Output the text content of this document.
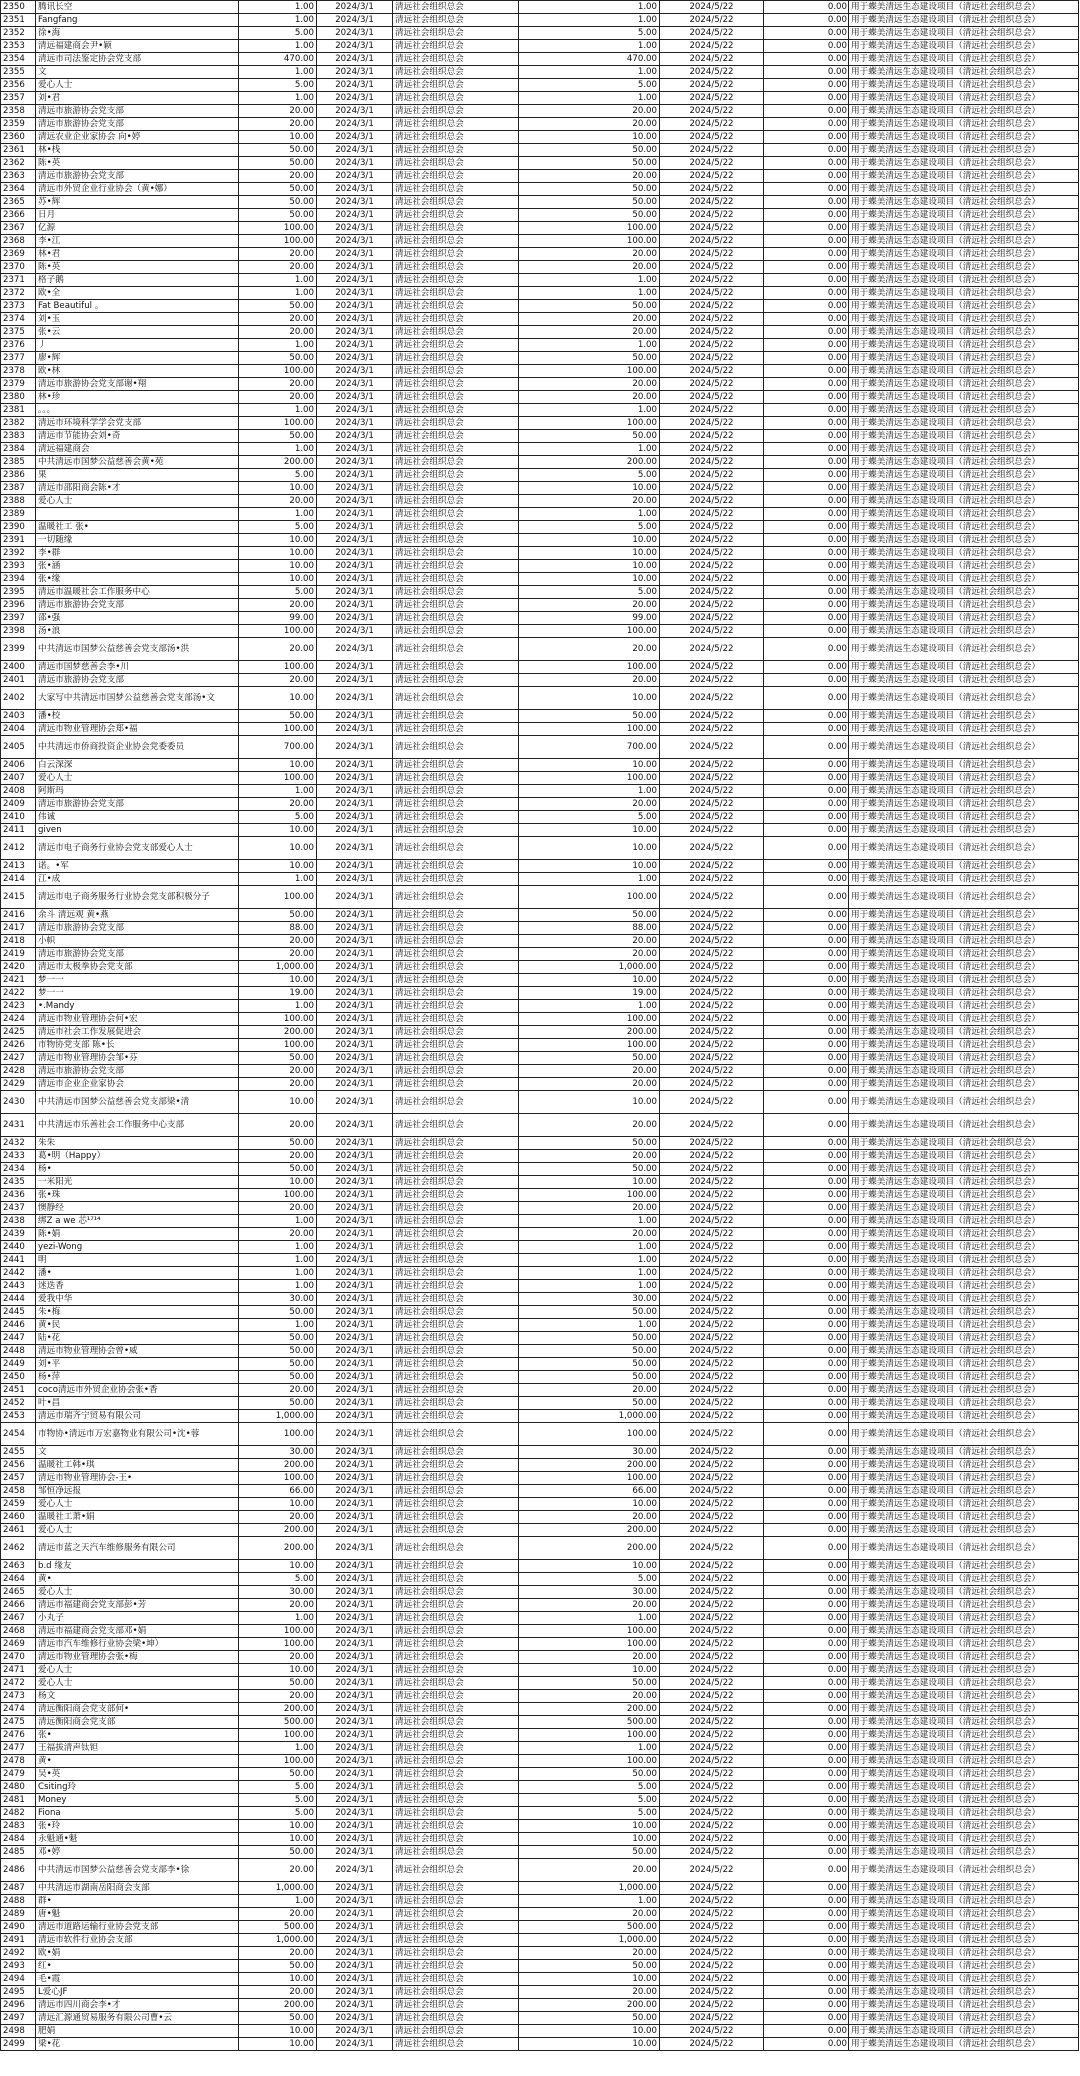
2350	腾讯长空	1.00	2024/3/1	清远社会组织总会	1.00	2024/5/22	0.00	用于蝶美清远生态建设项目（清远社会组织总会）
2351	Fangfang	1.00	2024/3/1	清远社会组织总会	1.00	2024/5/22	0.00	用于蝶美清远生态建设项目（清远社会组织总会）
2352	徐•海	5.00	2024/3/1	清远社会组织总会	5.00	2024/5/22	0.00	用于蝶美清远生态建设项目（清远社会组织总会）
2353	清远福建商会尹•颖	1.00	2024/3/1	清远社会组织总会	1.00	2024/5/22	0.00	用于蝶美清远生态建设项目（清远社会组织总会）
2354	清远市司法鉴定协会党支部	470.00	2024/3/1	清远社会组织总会	470.00	2024/5/22	0.00	用于蝶美清远生态建设项目（清远社会组织总会）
2355	文	1.00	2024/3/1	清远社会组织总会	1.00	2024/5/22	0.00	用于蝶美清远生态建设项目（清远社会组织总会）
2356	爱心人士	5.00	2024/3/1	清远社会组织总会	5.00	2024/5/22	0.00	用于蝶美清远生态建设项目（清远社会组织总会）
2357	刘•君	1.00	2024/3/1	清远社会组织总会	1.00	2024/5/22	0.00	用于蝶美清远生态建设项目（清远社会组织总会）
2358	清远市旅游协会党支部	20.00	2024/3/1	清远社会组织总会	20.00	2024/5/22	0.00	用于蝶美清远生态建设项目（清远社会组织总会）
2359	清远市旅游协会党支部	20.00	2024/3/1	清远社会组织总会	20.00	2024/5/22	0.00	用于蝶美清远生态建设项目（清远社会组织总会）
2360	清远农业企业家协会 向•婷	10.00	2024/3/1	清远社会组织总会	10.00	2024/5/22	0.00	用于蝶美清远生态建设项目（清远社会组织总会）
2361	林•栈	50.00	2024/3/1	清远社会组织总会	50.00	2024/5/22	0.00	用于蝶美清远生态建设项目（清远社会组织总会）
2362	陈•英	50.00	2024/3/1	清远社会组织总会	50.00	2024/5/22	0.00	用于蝶美清远生态建设项目（清远社会组织总会）
2363	清远市旅游协会党支部	20.00	2024/3/1	清远社会组织总会	20.00	2024/5/22	0.00	用于蝶美清远生态建设项目（清远社会组织总会）
2364	清远市外贸企业行业协会（黄•娜）	50.00	2024/3/1	清远社会组织总会	50.00	2024/5/22	0.00	用于蝶美清远生态建设项目（清远社会组织总会）
2365	苏•辉	50.00	2024/3/1	清远社会组织总会	50.00	2024/5/22	0.00	用于蝶美清远生态建设项目（清远社会组织总会）
2366	日月	50.00	2024/3/1	清远社会组织总会	50.00	2024/5/22	0.00	用于蝶美清远生态建设项目（清远社会组织总会）
2367	亿源	100.00	2024/3/1	清远社会组织总会	100.00	2024/5/22	0.00	用于蝶美清远生态建设项目（清远社会组织总会）
2368	李•江	100.00	2024/3/1	清远社会组织总会	100.00	2024/5/22	0.00	用于蝶美清远生态建设项目（清远社会组织总会）
2369	林•君	20.00	2024/3/1	清远社会组织总会	20.00	2024/5/22	0.00	用于蝶美清远生态建设项目（清远社会组织总会）
2370	陈•英	20.00	2024/3/1	清远社会组织总会	20.00	2024/5/22	0.00	用于蝶美清远生态建设项目（清远社会组织总会）
2371	格子鹅	1.00	2024/3/1	清远社会组织总会	1.00	2024/5/22	0.00	用于蝶美清远生态建设项目（清远社会组织总会）
2372	欧•全	1.00	2024/3/1	清远社会组织总会	1.00	2024/5/22	0.00	用于蝶美清远生态建设项目（清远社会组织总会）
2373	Fat Beautiful 。	50.00	2024/3/1	清远社会组织总会	50.00	2024/5/22	0.00	用于蝶美清远生态建设项目（清远社会组织总会）
2374	刘•玉	20.00	2024/3/1	清远社会组织总会	20.00	2024/5/22	0.00	用于蝶美清远生态建设项目（清远社会组织总会）
2375	张•云	20.00	2024/3/1	清远社会组织总会	20.00	2024/5/22	0.00	用于蝶美清远生态建设项目（清远社会组织总会）
2376	丿	1.00	2024/3/1	清远社会组织总会	1.00	2024/5/22	0.00	用于蝶美清远生态建设项目（清远社会组织总会）
2377	廖•辉	50.00	2024/3/1	清远社会组织总会	50.00	2024/5/22	0.00	用于蝶美清远生态建设项目（清远社会组织总会）
2378	欧•林	100.00	2024/3/1	清远社会组织总会	100.00	2024/5/22	0.00	用于蝶美清远生态建设项目（清远社会组织总会）
2379	清远市旅游协会党支部谢•翔	20.00	2024/3/1	清远社会组织总会	20.00	2024/5/22	0.00	用于蝶美清远生态建设项目（清远社会组织总会）
2380	林•珍	20.00	2024/3/1	清远社会组织总会	20.00	2024/5/22	0.00	用于蝶美清远生态建设项目（清远社会组织总会）
2381	。。。	1.00	2024/3/1	清远社会组织总会	1.00	2024/5/22	0.00	用于蝶美清远生态建设项目（清远社会组织总会）
2382	清远市环境科学学会党支部	100.00	2024/3/1	清远社会组织总会	100.00	2024/5/22	0.00	用于蝶美清远生态建设项目（清远社会组织总会）
2383	清远市节能协会刘•奇	50.00	2024/3/1	清远社会组织总会	50.00	2024/5/22	0.00	用于蝶美清远生态建设项目（清远社会组织总会）
2384	清远福建商会	1.00	2024/3/1	清远社会组织总会	1.00	2024/5/22	0.00	用于蝶美清远生态建设项目（清远社会组织总会）
2385	中共清远市国梦公益慈善会黄•苑	200.00	2024/3/1	清远社会组织总会	200.00	2024/5/22	0.00	用于蝶美清远生态建设项目（清远社会组织总会）
2386	果	5.00	2024/3/1	清远社会组织总会	5.00	2024/5/22	0.00	用于蝶美清远生态建设项目（清远社会组织总会）
2387	清远市邵阳商会陈•才	10.00	2024/3/1	清远社会组织总会	10.00	2024/5/22	0.00	用于蝶美清远生态建设项目（清远社会组织总会）
2388	爱心人士	20.00	2024/3/1	清远社会组织总会	20.00	2024/5/22	0.00	用于蝶美清远生态建设项目（清远社会组织总会）
2389		1.00	2024/3/1	清远社会组织总会	1.00	2024/5/22	0.00	用于蝶美清远生态建设项目（清远社会组织总会）
2390	温暖社工 张•	5.00	2024/3/1	清远社会组织总会	5.00	2024/5/22	0.00	用于蝶美清远生态建设项目（清远社会组织总会）
2391	一切随缘	10.00	2024/3/1	清远社会组织总会	10.00	2024/5/22	0.00	用于蝶美清远生态建设项目（清远社会组织总会）
2392	李•群	10.00	2024/3/1	清远社会组织总会	10.00	2024/5/22	0.00	用于蝶美清远生态建设项目（清远社会组织总会）
2393	张•涵	10.00	2024/3/1	清远社会组织总会	10.00	2024/5/22	0.00	用于蝶美清远生态建设项目（清远社会组织总会）
2394	张•缘	10.00	2024/3/1	清远社会组织总会	10.00	2024/5/22	0.00	用于蝶美清远生态建设项目（清远社会组织总会）
2395	清远市温暖社会工作服务中心	5.00	2024/3/1	清远社会组织总会	5.00	2024/5/22	0.00	用于蝶美清远生态建设项目（清远社会组织总会）
2396	清远市旅游协会党支部	20.00	2024/3/1	清远社会组织总会	20.00	2024/5/22	0.00	用于蝶美清远生态建设项目（清远社会组织总会）
2397	邵•强	99.00	2024/3/1	清远社会组织总会	99.00	2024/5/22	0.00	用于蝶美清远生态建设项目（清远社会组织总会）
2398	汤•浪	100.00	2024/3/1	清远社会组织总会	100.00	2024/5/22	0.00	用于蝶美清远生态建设项目（清远社会组织总会）
2399	中共清远市国梦公益慈善会党支部汤•洪	20.00	2024/3/1	清远社会组织总会	20.00	2024/5/22	0.00	用于蝶美清远生态建设项目（清远社会组织总会）
2400	清远市国梦慈善会李•川	100.00	2024/3/1	清远社会组织总会	100.00	2024/5/22	0.00	用于蝶美清远生态建设项目（清远社会组织总会）
2401	清远市旅游协会党支部	20.00	2024/3/1	清远社会组织总会	20.00	2024/5/22	0.00	用于蝶美清远生态建设项目（清远社会组织总会）
2402	大家写中共清远市国梦公益慈善会党支部汤•文	10.00	2024/3/1	清远社会组织总会	10.00	2024/5/22	0.00	用于蝶美清远生态建设项目（清远社会组织总会）
2403	潘•校	50.00	2024/3/1	清远社会组织总会	50.00	2024/5/22	0.00	用于蝶美清远生态建设项目（清远社会组织总会）
2404	清远市物业管理协会郑•福	100.00	2024/3/1	清远社会组织总会	100.00	2024/5/22	0.00	用于蝶美清远生态建设项目（清远社会组织总会）
2405	中共清远市侨商投资企业协会党委委员	700.00	2024/3/1	清远社会组织总会	700.00	2024/5/22	0.00	用于蝶美清远生态建设项目（清远社会组织总会）
2406	白云深深	10.00	2024/3/1	清远社会组织总会	10.00	2024/5/22	0.00	用于蝶美清远生态建设项目（清远社会组织总会）
2407	爱心人士	100.00	2024/3/1	清远社会组织总会	100.00	2024/5/22	0.00	用于蝶美清远生态建设项目（清远社会组织总会）
2408	阿斯玛	1.00	2024/3/1	清远社会组织总会	1.00	2024/5/22	0.00	用于蝶美清远生态建设项目（清远社会组织总会）
2409	清远市旅游协会党支部	20.00	2024/3/1	清远社会组织总会	20.00	2024/5/22	0.00	用于蝶美清远生态建设项目（清远社会组织总会）
2410	伟诚	5.00	2024/3/1	清远社会组织总会	5.00	2024/5/22	0.00	用于蝶美清远生态建设项目（清远社会组织总会）
2411	given	10.00	2024/3/1	清远社会组织总会	10.00	2024/5/22	0.00	用于蝶美清远生态建设项目（清远社会组织总会）
2412	清远市电子商务行业协会党支部爱心人士	10.00	2024/3/1	清远社会组织总会	10.00	2024/5/22	0.00	用于蝶美清远生态建设项目（清远社会组织总会）
2413	诺。•军	10.00	2024/3/1	清远社会组织总会	10.00	2024/5/22	0.00	用于蝶美清远生态建设项目（清远社会组织总会）
2414	江•成	1.00	2024/3/1	清远社会组织总会	1.00	2024/5/22	0.00	用于蝶美清远生态建设项目（清远社会组织总会）
2415	清远市电子商务服务行业协会党支部积极分子	100.00	2024/3/1	清远社会组织总会	100.00	2024/5/22	0.00	用于蝶美清远生态建设项目（清远社会组织总会）
2416	余斗 清远观 黄•燕	50.00	2024/3/1	清远社会组织总会	50.00	2024/5/22	0.00	用于蝶美清远生态建设项目（清远社会组织总会）
2417	清远市旅游协会党支部	88.00	2024/3/1	清远社会组织总会	88.00	2024/5/22	0.00	用于蝶美清远生态建设项目（清远社会组织总会）
2418	小帜	20.00	2024/3/1	清远社会组织总会	20.00	2024/5/22	0.00	用于蝶美清远生态建设项目（清远社会组织总会）
2419	清远市旅游协会党支部	20.00	2024/3/1	清远社会组织总会	20.00	2024/5/22	0.00	用于蝶美清远生态建设项目（清远社会组织总会）
2420	清远市太极拳协会党支部	1,000.00	2024/3/1	清远社会组织总会	1,000.00	2024/5/22	0.00	用于蝶美清远生态建设项目（清远社会组织总会）
2421	梦一一	10.00	2024/3/1	清远社会组织总会	10.00	2024/5/22	0.00	用于蝶美清远生态建设项目（清远社会组织总会）
2422	梦一一	19.00	2024/3/1	清远社会组织总会	19.00	2024/5/22	0.00	用于蝶美清远生态建设项目（清远社会组织总会）
2423	•.Mandy	1.00	2024/3/1	清远社会组织总会	1.00	2024/5/22	0.00	用于蝶美清远生态建设项目（清远社会组织总会）
2424	清远市物业管理协会何•宏	100.00	2024/3/1	清远社会组织总会	100.00	2024/5/22	0.00	用于蝶美清远生态建设项目（清远社会组织总会）
2425	清远市社会工作发展促进会	200.00	2024/3/1	清远社会组织总会	200.00	2024/5/22	0.00	用于蝶美清远生态建设项目（清远社会组织总会）
2426	市物协党支部 陈•长	100.00	2024/3/1	清远社会组织总会	100.00	2024/5/22	0.00	用于蝶美清远生态建设项目（清远社会组织总会）
2427	清远市物业管理协会邹•芬	50.00	2024/3/1	清远社会组织总会	50.00	2024/5/22	0.00	用于蝶美清远生态建设项目（清远社会组织总会）
2428	清远市旅游协会党支部	20.00	2024/3/1	清远社会组织总会	20.00	2024/5/22	0.00	用于蝶美清远生态建设项目（清远社会组织总会）
2429	清远市企业企业家协会	20.00	2024/3/1	清远社会组织总会	20.00	2024/5/22	0.00	用于蝶美清远生态建设项目（清远社会组织总会）
2430	中共清远市国梦公益慈善会党支部梁•清	10.00	2024/3/1	清远社会组织总会	10.00	2024/5/22	0.00	用于蝶美清远生态建设项目（清远社会组织总会）
2431	中共清远市乐善社会工作服务中心支部	20.00	2024/3/1	清远社会组织总会	20.00	2024/5/22	0.00	用于蝶美清远生态建设项目（清远社会组织总会）
2432	朱朱	50.00	2024/3/1	清远社会组织总会	50.00	2024/5/22	0.00	用于蝶美清远生态建设项目（清远社会组织总会）
2433	葛•明（Happy）	20.00	2024/3/1	清远社会组织总会	20.00	2024/5/22	0.00	用于蝶美清远生态建设项目（清远社会组织总会）
2434	杨•	50.00	2024/3/1	清远社会组织总会	50.00	2024/5/22	0.00	用于蝶美清远生态建设项目（清远社会组织总会）
2435	一米阳光	10.00	2024/3/1	清远社会组织总会	10.00	2024/5/22	0.00	用于蝶美清远生态建设项目（清远社会组织总会）
2436	张•珠	100.00	2024/3/1	清远社会组织总会	100.00	2024/5/22	0.00	用于蝶美清远生态建设项目（清远社会组织总会）
2437	懊静经	20.00	2024/3/1	清远社会组织总会	20.00	2024/5/22	0.00	用于蝶美清远生态建设项目（清远社会组织总会）
2438	绑Z a we 芯¹⁷¹⁴	1.00	2024/3/1	清远社会组织总会	1.00	2024/5/22	0.00	用于蝶美清远生态建设项目（清远社会组织总会）
2439	陈•娟	20.00	2024/3/1	清远社会组织总会	20.00	2024/5/22	0.00	用于蝶美清远生态建设项目（清远社会组织总会）
2440	yezi-Wong	1.00	2024/3/1	清远社会组织总会	1.00	2024/5/22	0.00	用于蝶美清远生态建设项目（清远社会组织总会）
2441	明	1.00	2024/3/1	清远社会组织总会	1.00	2024/5/22	0.00	用于蝶美清远生态建设项目（清远社会组织总会）
2442	潘•	1.00	2024/3/1	清远社会组织总会	1.00	2024/5/22	0.00	用于蝶美清远生态建设项目（清远社会组织总会）
2443	迷迭香	1.00	2024/3/1	清远社会组织总会	1.00	2024/5/22	0.00	用于蝶美清远生态建设项目（清远社会组织总会）
2444	爱我中华	30.00	2024/3/1	清远社会组织总会	30.00	2024/5/22	0.00	用于蝶美清远生态建设项目（清远社会组织总会）
2445	朱•梅	50.00	2024/3/1	清远社会组织总会	50.00	2024/5/22	0.00	用于蝶美清远生态建设项目（清远社会组织总会）
2446	黄•民	1.00	2024/3/1	清远社会组织总会	1.00	2024/5/22	0.00	用于蝶美清远生态建设项目（清远社会组织总会）
2447	陆•花	50.00	2024/3/1	清远社会组织总会	50.00	2024/5/22	0.00	用于蝶美清远生态建设项目（清远社会组织总会）
2448	清远市物业管理协会曾•威	50.00	2024/3/1	清远社会组织总会	50.00	2024/5/22	0.00	用于蝶美清远生态建设项目（清远社会组织总会）
2449	刘•平	50.00	2024/3/1	清远社会组织总会	50.00	2024/5/22	0.00	用于蝶美清远生态建设项目（清远社会组织总会）
2450	杨•萍	50.00	2024/3/1	清远社会组织总会	50.00	2024/5/22	0.00	用于蝶美清远生态建设项目（清远社会组织总会）
2451	coco清远市外贸企业协会张•香	20.00	2024/3/1	清远社会组织总会	20.00	2024/5/22	0.00	用于蝶美清远生态建设项目（清远社会组织总会）
2452	叶•昌	50.00	2024/3/1	清远社会组织总会	50.00	2024/5/22	0.00	用于蝶美清远生态建设项目（清远社会组织总会）
2453	清远市瑞齐宁贸易有限公司	1,000.00	2024/3/1	清远社会组织总会	1,000.00	2024/5/22	0.00	用于蝶美清远生态建设项目（清远社会组织总会）
2454	市物协•清远市万宏嘉物业有限公司•沈•蓉	100.00	2024/3/1	清远社会组织总会	100.00	2024/5/22	0.00	用于蝶美清远生态建设项目（清远社会组织总会）
2455	文	30.00	2024/3/1	清远社会组织总会	30.00	2024/5/22	0.00	用于蝶美清远生态建设项目（清远社会组织总会）
2456	温暖社工韩•琪	200.00	2024/3/1	清远社会组织总会	200.00	2024/5/22	0.00	用于蝶美清远生态建设项目（清远社会组织总会）
2457	清远市物业管理协会-王•	100.00	2024/3/1	清远社会组织总会	100.00	2024/5/22	0.00	用于蝶美清远生态建设项目（清远社会组织总会）
2458	邹恒净远报	66.00	2024/3/1	清远社会组织总会	66.00	2024/5/22	0.00	用于蝶美清远生态建设项目（清远社会组织总会）
2459	爱心人士	10.00	2024/3/1	清远社会组织总会	10.00	2024/5/22	0.00	用于蝶美清远生态建设项目（清远社会组织总会）
2460	温暖社工萧•娟	20.00	2024/3/1	清远社会组织总会	20.00	2024/5/22	0.00	用于蝶美清远生态建设项目（清远社会组织总会）
2461	爱心人士	200.00	2024/3/1	清远社会组织总会	200.00	2024/5/22	0.00	用于蝶美清远生态建设项目（清远社会组织总会）
2462	清远市蓝之天汽车维修服务有限公司	200.00	2024/3/1	清远社会组织总会	200.00	2024/5/22	0.00	用于蝶美清远生态建设项目（清远社会组织总会）
2463	b.d 缘友	10.00	2024/3/1	清远社会组织总会	10.00	2024/5/22	0.00	用于蝶美清远生态建设项目（清远社会组织总会）
2464	黄•	5.00	2024/3/1	清远社会组织总会	5.00	2024/5/22	0.00	用于蝶美清远生态建设项目（清远社会组织总会）
2465	爱心人士	30.00	2024/3/1	清远社会组织总会	30.00	2024/5/22	0.00	用于蝶美清远生态建设项目（清远社会组织总会）
2466	清远市福建商会党支部彭•芳	20.00	2024/3/1	清远社会组织总会	20.00	2024/5/22	0.00	用于蝶美清远生态建设项目（清远社会组织总会）
2467	小丸子	1.00	2024/3/1	清远社会组织总会	1.00	2024/5/22	0.00	用于蝶美清远生态建设项目（清远社会组织总会）
2468	清远市福建商会党支部邓•娟	100.00	2024/3/1	清远社会组织总会	100.00	2024/5/22	0.00	用于蝶美清远生态建设项目（清远社会组织总会）
2469	清远市汽车维修行业协会梁•坤）	100.00	2024/3/1	清远社会组织总会	100.00	2024/5/22	0.00	用于蝶美清远生态建设项目（清远社会组织总会）
2470	清远市物业管理协会张•梅	20.00	2024/3/1	清远社会组织总会	20.00	2024/5/22	0.00	用于蝶美清远生态建设项目（清远社会组织总会）
2471	爱心人士	10.00	2024/3/1	清远社会组织总会	10.00	2024/5/22	0.00	用于蝶美清远生态建设项目（清远社会组织总会）
2472	爱心人士	50.00	2024/3/1	清远社会组织总会	50.00	2024/5/22	0.00	用于蝶美清远生态建设项目（清远社会组织总会）
2473	杨文	20.00	2024/3/1	清远社会组织总会	20.00	2024/5/22	0.00	用于蝶美清远生态建设项目（清远社会组织总会）
2474	清远衡阳商会党支部何•	200.00	2024/3/1	清远社会组织总会	200.00	2024/5/22	0.00	用于蝶美清远生态建设项目（清远社会组织总会）
2475	清远衡阳商会党支部	500.00	2024/3/1	清远社会组织总会	500.00	2024/5/22	0.00	用于蝶美清远生态建设项目（清远社会组织总会）
2476	张•	100.00	2024/3/1	清远社会组织总会	100.00	2024/5/22	0.00	用于蝶美清远生态建设项目（清远社会组织总会）
2477	王福拔清声钛钽	1.00	2024/3/1	清远社会组织总会	1.00	2024/5/22	0.00	用于蝶美清远生态建设项目（清远社会组织总会）
2478	黄•	100.00	2024/3/1	清远社会组织总会	100.00	2024/5/22	0.00	用于蝶美清远生态建设项目（清远社会组织总会）
2479	吴•英	50.00	2024/3/1	清远社会组织总会	50.00	2024/5/22	0.00	用于蝶美清远生态建设项目（清远社会组织总会）
2480	Csiting玲	5.00	2024/3/1	清远社会组织总会	5.00	2024/5/22	0.00	用于蝶美清远生态建设项目（清远社会组织总会）
2481	Money	5.00	2024/3/1	清远社会组织总会	5.00	2024/5/22	0.00	用于蝶美清远生态建设项目（清远社会组织总会）
2482	Fiona	5.00	2024/3/1	清远社会组织总会	5.00	2024/5/22	0.00	用于蝶美清远生态建设项目（清远社会组织总会）
2483	张•玲	10.00	2024/3/1	清远社会组织总会	10.00	2024/5/22	0.00	用于蝶美清远生态建设项目（清远社会组织总会）
2484	永魁通•魁	10.00	2024/3/1	清远社会组织总会	10.00	2024/5/22	0.00	用于蝶美清远生态建设项目（清远社会组织总会）
2485	邓•婷	50.00	2024/3/1	清远社会组织总会	50.00	2024/5/22	0.00	用于蝶美清远生态建设项目（清远社会组织总会）
2486	中共清远市国梦公益慈善会党支部李•徐	20.00	2024/3/1	清远社会组织总会	20.00	2024/5/22	0.00	用于蝶美清远生态建设项目（清远社会组织总会）
2487	中共清远市湖南岳阳商会支部	1,000.00	2024/3/1	清远社会组织总会	1,000.00	2024/5/22	0.00	用于蝶美清远生态建设项目（清远社会组织总会）
2488	群•	1.00	2024/3/1	清远社会组织总会	1.00	2024/5/22	0.00	用于蝶美清远生态建设项目（清远社会组织总会）
2489	唐•魁	20.00	2024/3/1	清远社会组织总会	20.00	2024/5/22	0.00	用于蝶美清远生态建设项目（清远社会组织总会）
2490	清远市道路运输行业协会党支部	500.00	2024/3/1	清远社会组织总会	500.00	2024/5/22	0.00	用于蝶美清远生态建设项目（清远社会组织总会）
2491	清远市软件行业协会支部	1,000.00	2024/3/1	清远社会组织总会	1,000.00	2024/5/22	0.00	用于蝶美清远生态建设项目（清远社会组织总会）
2492	欧•娟	20.00	2024/3/1	清远社会组织总会	20.00	2024/5/22	0.00	用于蝶美清远生态建设项目（清远社会组织总会）
2493	红•	50.00	2024/3/1	清远社会组织总会	50.00	2024/5/22	0.00	用于蝶美清远生态建设项目（清远社会组织总会）
2494	毛•霞	10.00	2024/3/1	清远社会组织总会	10.00	2024/5/22	0.00	用于蝶美清远生态建设项目（清远社会组织总会）
2495	L爱心JF	20.00	2024/3/1	清远社会组织总会	20.00	2024/5/22	0.00	用于蝶美清远生态建设项目（清远社会组织总会）
2496	清远市四川商会李•才	200.00	2024/3/1	清远社会组织总会	200.00	2024/5/22	0.00	用于蝶美清远生态建设项目（清远社会组织总会）
2497	清远汇源通贸易服务有限公司曹•云	50.00	2024/3/1	清远社会组织总会	50.00	2024/5/22	0.00	用于蝶美清远生态建设项目（清远社会组织总会）
2498	肥娟	10.00	2024/3/1	清远社会组织总会	10.00	2024/5/22	0.00	用于蝶美清远生态建设项目（清远社会组织总会）
2499	梁•花	10.00	2024/3/1	清远社会组织总会	10.00	2024/5/22	0.00	用于蝶美清远生态建设项目（清远社会组织总会）
